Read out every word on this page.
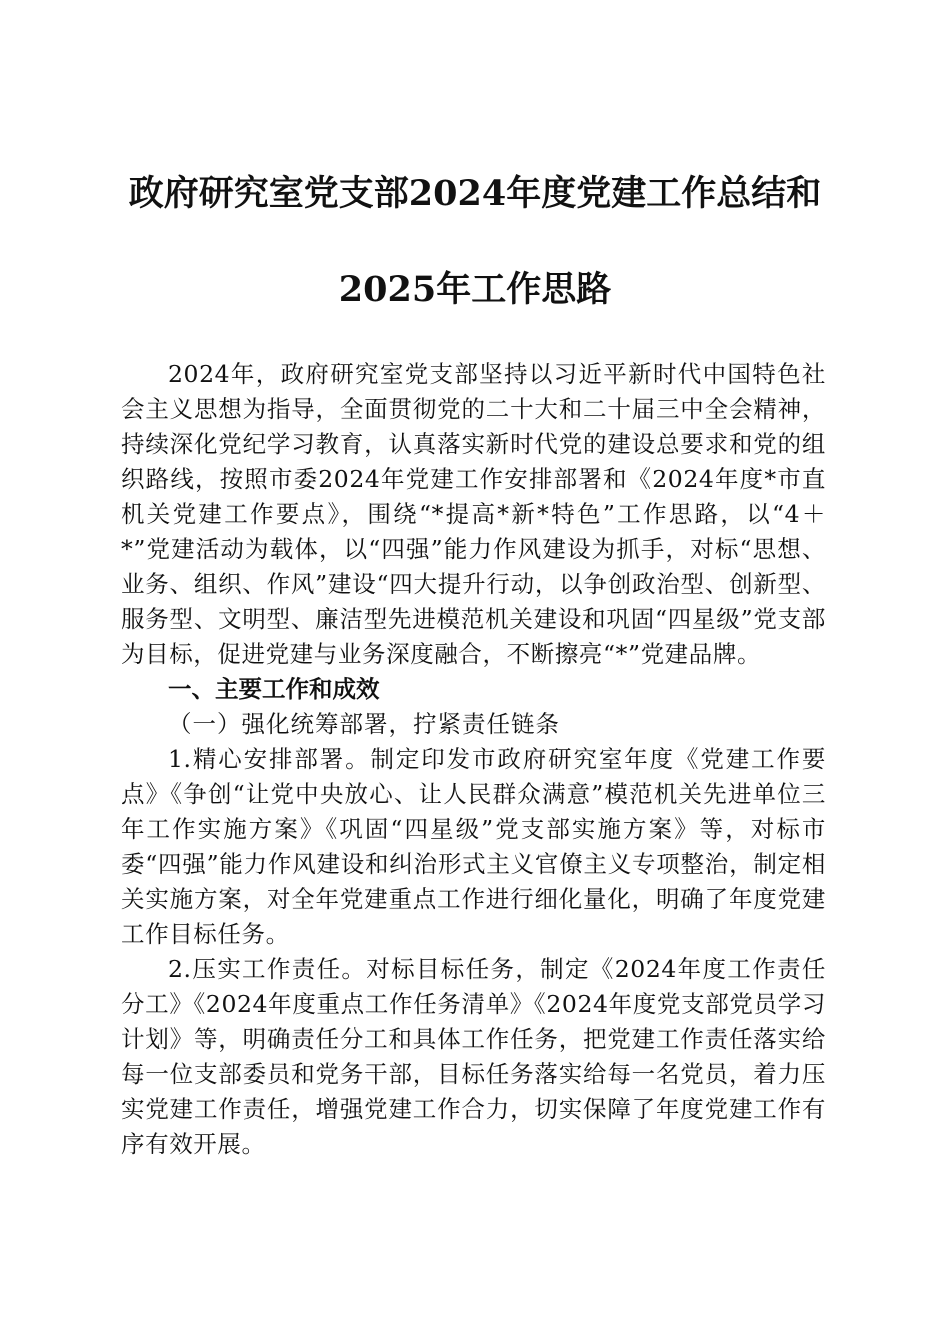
政府研究室党支部2024年度党建工作总结和
2025年工作思路

2024年，政府研究室党支部坚持以习近平新时代中国特色社会主义思想为指导，全面贯彻党的二十大和二十届三中全会精神，持续深化党纪学习教育，认真落实新时代党的建设总要求和党的组织路线，按照市委2024年党建工作安排部署和《2024年度*市直机关党建工作要点》，围绕“*提高*新*特色”工作思路，以“4＋*”党建活动为载体，以“四强”能力作风建设为抓手，对标“思想、业务、组织、作风”建设“四大提升行动，以争创政治型、创新型、服务型、文明型、廉洁型先进模范机关建设和巩固“四星级”党支部为目标，促进党建与业务深度融合，不断擦亮“*”党建品牌。

一、主要工作和成效

（一）强化统筹部署，拧紧责任链条

1.精心安排部署。制定印发市政府研究室年度《党建工作要点》《争创“让党中央放心、让人民群众满意”模范机关先进单位三年工作实施方案》《巩固“四星级”党支部实施方案》等，对标市委“四强”能力作风建设和纠治形式主义官僚主义专项整治，制定相关实施方案，对全年党建重点工作进行细化量化，明确了年度党建工作目标任务。

2.压实工作责任。对标目标任务，制定《2024年度工作责任分工》《2024年度重点工作任务清单》《2024年度党支部党员学习计划》等，明确责任分工和具体工作任务，把党建工作责任落实给每一位支部委员和党务干部，目标任务落实给每一名党员，着力压实党建工作责任，增强党建工作合力，切实保障了年度党建工作有序有效开展。
